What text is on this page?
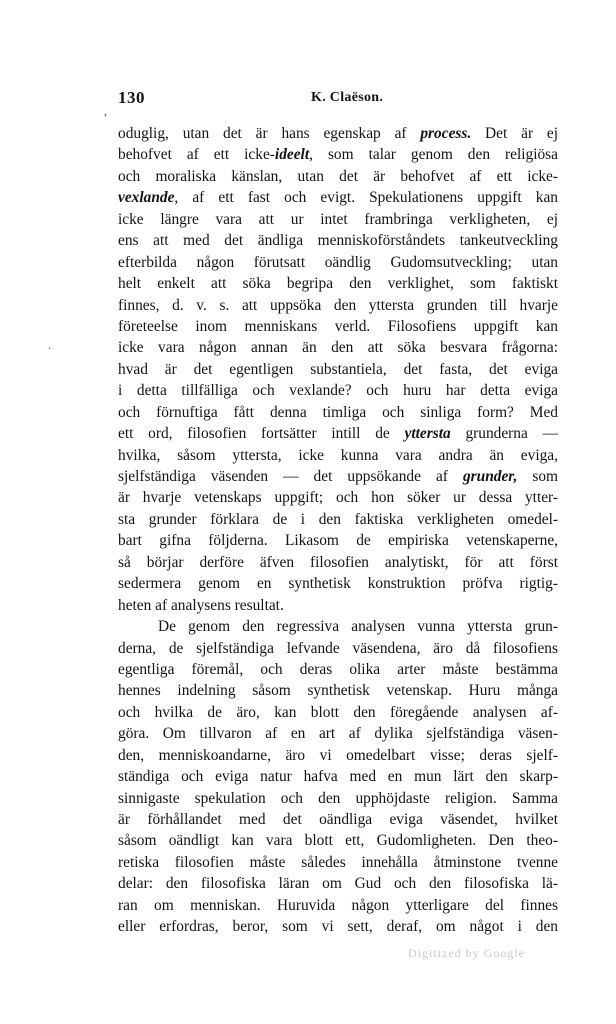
130	K. Claëson.
,
.
oduglig, utan det är hans egenskap af process. Det är ej
behofvet af ett icke-ideelt, som talar genom den religiösa
och moraliska känslan, utan det är behofvet af ett icke-
vexlande, af ett fast och evigt. Spekulationens uppgift kan
icke längre vara att ur intet frambringa verkligheten, ej
ens att med det ändliga menniskoförståndets tankeutveckling
efterbilda någon förutsatt oändlig Gudomsutveckling; utan
helt enkelt att söka begripa den verklighet, som faktiskt
finnes, d. v. s. att uppsöka den yttersta grunden till hvarje
företeelse inom menniskans verld. Filosofiens uppgift kan
icke vara någon annan än den att söka besvara frågorna:
hvad är det egentligen substantiela, det fasta, det eviga
i detta tillfälliga och vexlande? och huru har detta eviga
och förnuftiga fått denna timliga och sinliga form? Med
ett ord, filosofien fortsätter intill de yttersta grunderna —
hvilka, såsom yttersta, icke kunna vara andra än eviga,
sjelfständiga väsenden — det uppsökande af grunder, som
är hvarje vetenskaps uppgift; och hon söker ur dessa ytter-
sta grunder förklara de i den faktiska verkligheten omedel-
bart gifna följderna. Likasom de empiriska vetenskaperne,
så börjar derföre äfven filosofien analytiskt, för att först
sedermera genom en synthetisk konstruktion pröfva rigtig-
heten af analysens resultat.
De genom den regressiva analysen vunna yttersta grun-
derna, de sjelfständiga lefvande väsendena, äro då filosofiens
egentliga föremål, och deras olika arter måste bestämma
hennes indelning såsom synthetisk vetenskap. Huru många
och hvilka de äro, kan blott den föregående analysen af-
göra. Om tillvaron af en art af dylika sjelfständiga väsen-
den, menniskoandarne, äro vi omedelbart visse; deras sjelf-
ständiga och eviga natur hafva med en mun lärt den skarp-
sinnigaste spekulation och den upphöjdaste religion. Samma
är förhållandet med det oändliga eviga väsendet, hvilket
såsom oändligt kan vara blott ett, Gudomligheten. Den theo-
retiska filosofien måste således innehålla åtminstone tvenne
delar: den filosofiska läran om Gud och den filosofiska lä-
ran om menniskan. Huruvida någon ytterligare del finnes
eller erfordras, beror, som vi sett, deraf, om något i den
Digitized by Google
